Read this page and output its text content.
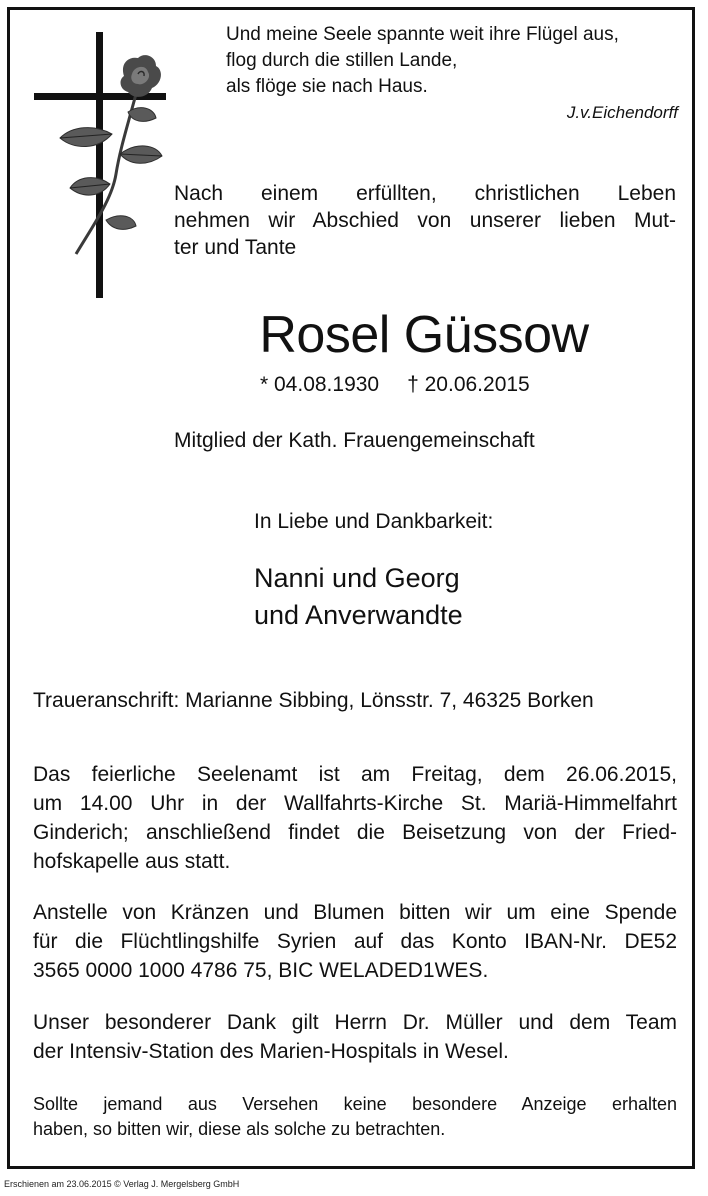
Und meine Seele spannte weit ihre Flügel aus,
flog durch die stillen Lande,
als flöge sie nach Haus.
J.v.Eichendorff
Nach einem erfüllten, christlichen Leben
nehmen wir Abschied von unserer lieben Mut-
ter und Tante
Rosel Güssow
* 04.08.1930 † 20.06.2015
Mitglied der Kath. Frauengemeinschaft
In Liebe und Dankbarkeit:
Nanni und Georg
und Anverwandte
Traueranschrift: Marianne Sibbing, Lönsstr. 7, 46325 Borken
Das feierliche Seelenamt ist am Freitag, dem 26.06.2015,
um 14.00 Uhr in der Wallfahrts-Kirche St. Mariä-Himmelfahrt
Ginderich; anschließend findet die Beisetzung von der Fried-
hofskapelle aus statt.
Anstelle von Kränzen und Blumen bitten wir um eine Spende
für die Flüchtlingshilfe Syrien auf das Konto IBAN-Nr. DE52
3565 0000 1000 4786 75, BIC WELADED1WES.
Unser besonderer Dank gilt Herrn Dr. Müller und dem Team
der Intensiv-Station des Marien-Hospitals in Wesel.
Sollte jemand aus Versehen keine besondere Anzeige erhalten
haben, so bitten wir, diese als solche zu betrachten.
Erschienen am 23.06.2015 © Verlag J. Mergelsberg GmbH
